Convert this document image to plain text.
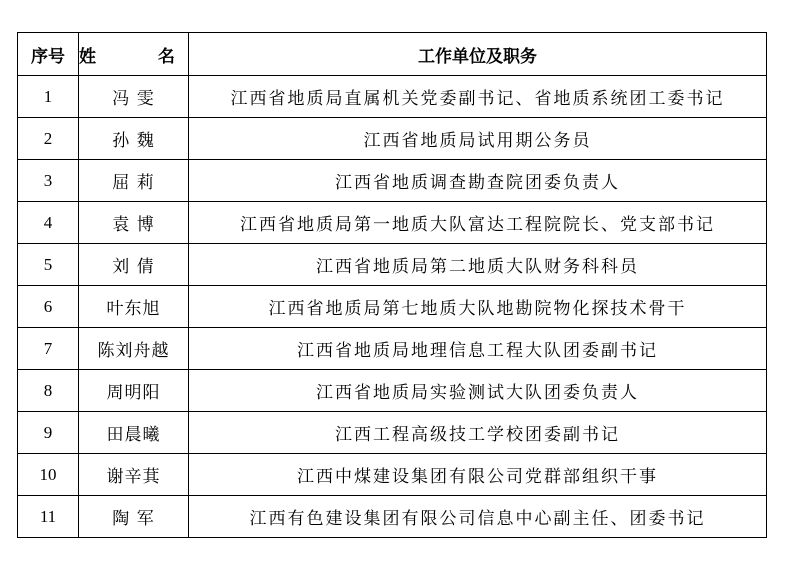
序号	姓 名	工作单位及职务
1	冯 雯	江西省地质局直属机关党委副书记、省地质系统团工委书记
2	孙 魏	江西省地质局试用期公务员
3	屈 莉	江西省地质调查勘查院团委负责人
4	袁 博	江西省地质局第一地质大队富达工程院院长、党支部书记
5	刘 倩	江西省地质局第二地质大队财务科科员
6	叶东旭	江西省地质局第七地质大队地勘院物化探技术骨干
7	陈刘舟越	江西省地质局地理信息工程大队团委副书记
8	周明阳	江西省地质局实验测试大队团委负责人
9	田晨曦	江西工程高级技工学校团委副书记
10	谢辛萁	江西中煤建设集团有限公司党群部组织干事
11	陶 军	江西有色建设集团有限公司信息中心副主任、团委书记
